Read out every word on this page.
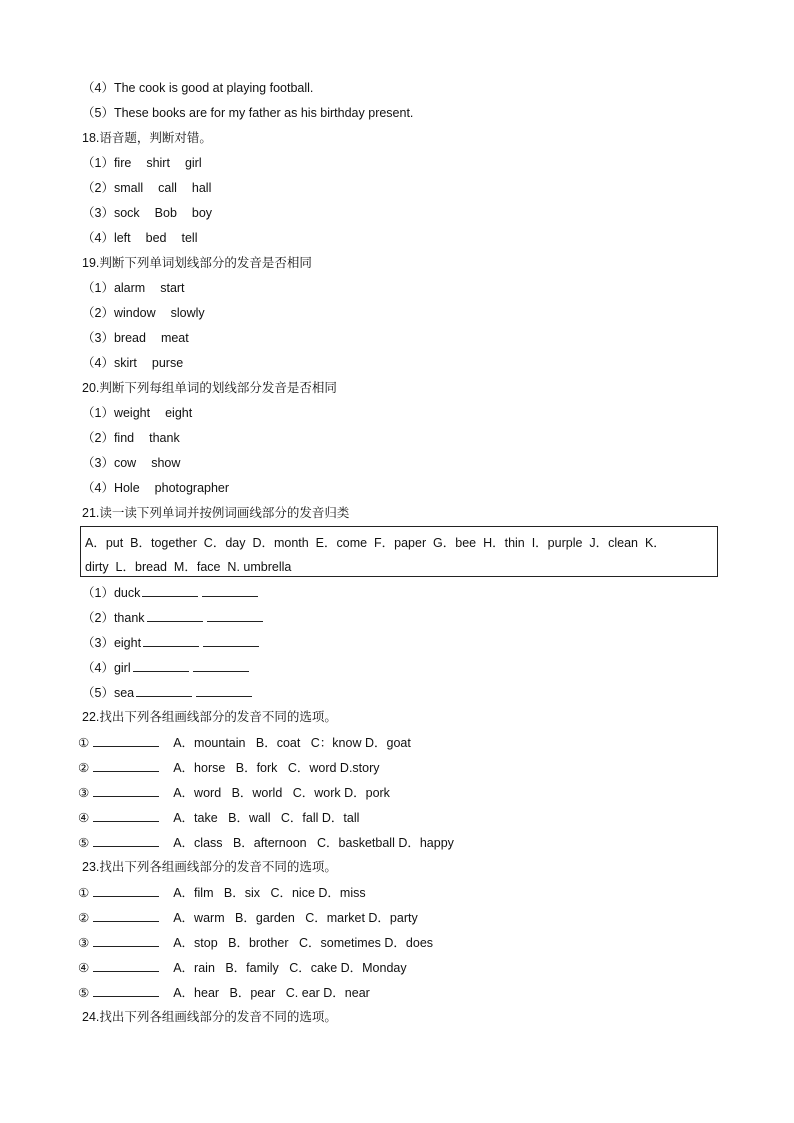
（4）The cook is good at playing football.
（5）These books are for my father as his birthday present.
18.语音题，判断对错。
（1）fire shirt girl
（2）small call hall
（3）sock Bob boy
（4）left bed tell
19.判断下列单词划线部分的发音是否相同
（1）alarm start
（2）window slowly
（3）bread meat
（4）skirt purse
20.判断下列每组单词的划线部分发音是否相同
（1）weight eight
（2）find thank
（3）cow show
（4）Hole photographer
21.读一读下列单词并按例词画线部分的发音归类
A．put  B．together  C．day  D．month  E．come  F．paper  G．bee  H．thin  I．purple  J．clean  K．
dirty  L．bread  M．face  N. umbrella
（1）duck
（2）thank
（3）eight
（4）girl
（5）sea
22.找出下列各组画线部分的发音不同的选项。
①	A．mountain   B．coat   C：know D．goat
②	A．horse   B．fork   C．word D.story
③	A．word   B．world   C．work D．pork
④	A．take   B．wall   C．fall D．tall
⑤	A．class   B．afternoon   C．basketball D．happy
23.找出下列各组画线部分的发音不同的选项。
①	A．film   B．six   C．nice D．miss
②	A．warm   B．garden   C．market D．party
③	A．stop   B．brother   C．sometimes D．does
④	A．rain   B．family   C．cake D．Monday
⑤	A．hear   B．pear   C. ear D．near
24.找出下列各组画线部分的发音不同的选项。
